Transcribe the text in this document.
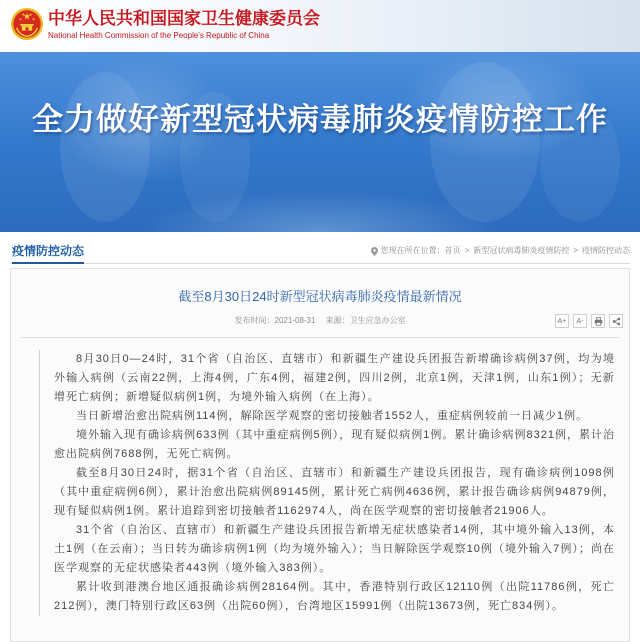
中华人民共和国国家卫生健康委员会
National Health Commission of the People's Republic of China
全力做好新型冠状病毒肺炎疫情防控工作
疫情防控动态	您现在所在位置： 首页 > 新型冠状病毒肺炎疫情防控 > 疫情防控动态
截至8月30日24时新型冠状病毒肺炎疫情最新情况
发布时间：2021-08-31 来源：卫生应急办公室	A+	A-

8月30日0—24时，31个省（自治区、直辖市）和新疆生产建设兵团报告新增确诊病例37例，均为境外输入病例（云南22例，上海4例，广东4例，福建2例，四川2例，北京1例，天津1例，山东1例）；无新增死亡病例；新增疑似病例1例，为境外输入病例（在上海）。

当日新增治愈出院病例114例，解除医学观察的密切接触者1552人，重症病例较前一日减少1例。

境外输入现有确诊病例633例（其中重症病例5例），现有疑似病例1例。累计确诊病例8321例，累计治愈出院病例7688例，无死亡病例。

截至8月30日24时，据31个省（自治区、直辖市）和新疆生产建设兵团报告，现有确诊病例1098例（其中重症病例6例），累计治愈出院病例89145例，累计死亡病例4636例，累计报告确诊病例94879例，现有疑似病例1例。累计追踪到密切接触者1162974人，尚在医学观察的密切接触者21906人。

31个省（自治区、直辖市）和新疆生产建设兵团报告新增无症状感染者14例，其中境外输入13例，本土1例（在云南）；当日转为确诊病例1例（均为境外输入）；当日解除医学观察10例（境外输入7例）；尚在医学观察的无症状感染者443例（境外输入383例）。

累计收到港澳台地区通报确诊病例28164例。其中，香港特别行政区12110例（出院11786例，死亡212例），澳门特别行政区63例（出院60例），台湾地区15991例（出院13673例，死亡834例）。
